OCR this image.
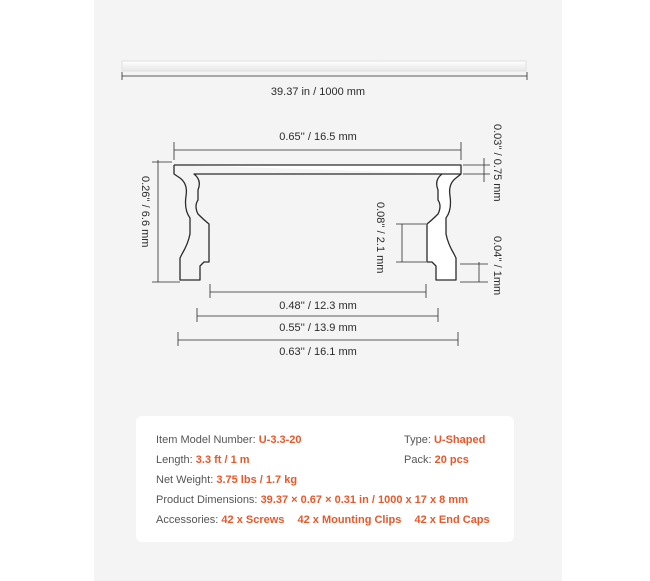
39.37 in / 1000 mm
0.65'' / 16.5 mm	0.03'' / 0.75 mm
0.26'' / 6.6 mm	0.08'' / 2.1 mm	0.04'' / 1mm
0.48'' / 12.3 mm
0.55'' / 13.9 mm
0.63'' / 16.1 mm
Item Model Number: U-3.3-20	Type: U-Shaped
Length: 3.3 ft / 1 m	Pack: 20 pcs
Net Weight: 3.75 lbs / 1.7 kg
Product Dimensions: 39.37 × 0.67 × 0.31 in / 1000 x 17 x 8 mm
Accessories: 42 x Screws 42 x Mounting Clips 42 x End Caps
